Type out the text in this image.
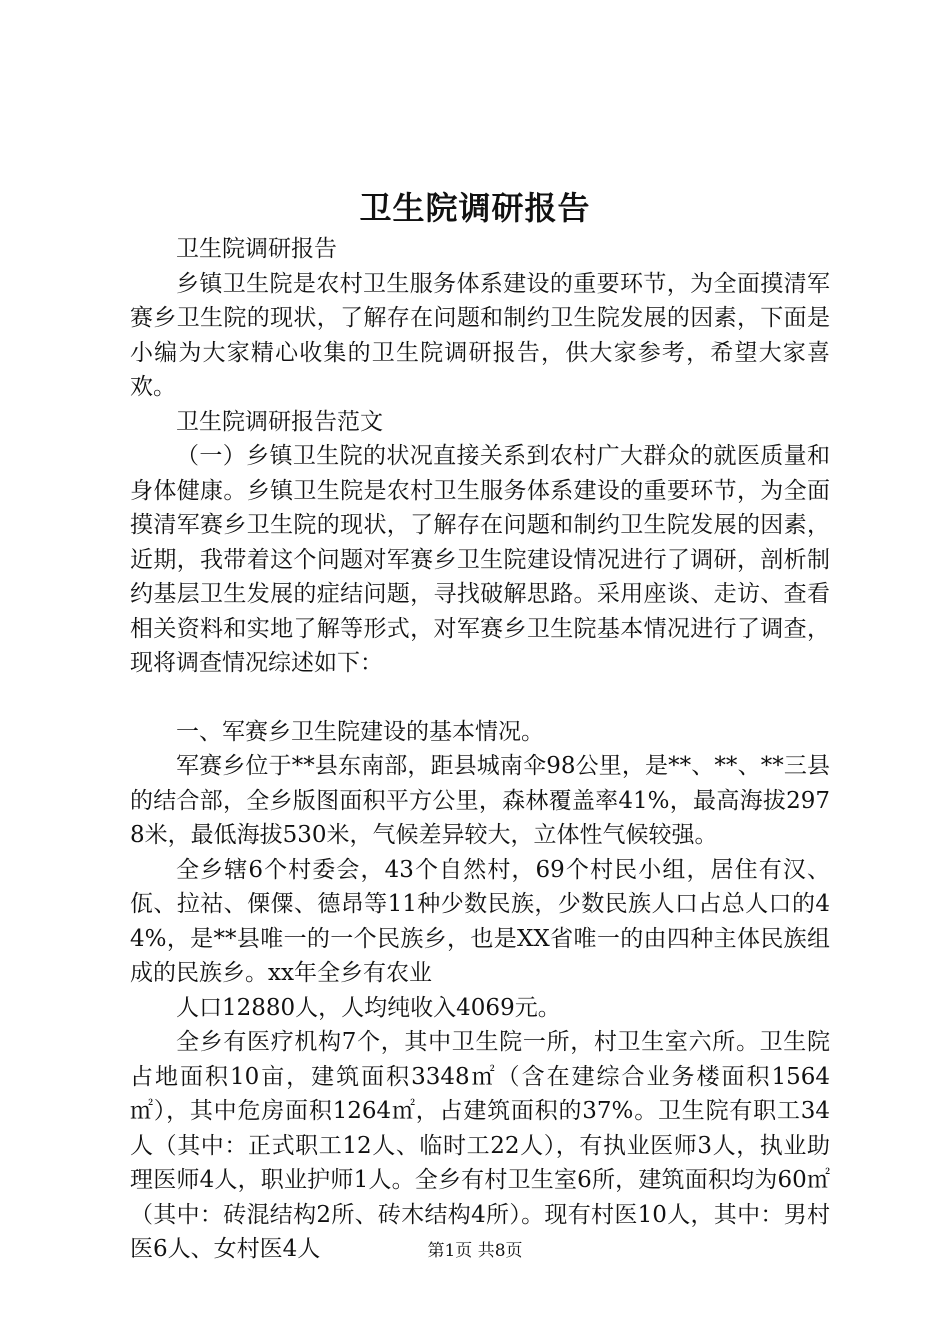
卫生院调研报告

卫生院调研报告

乡镇卫生院是农村卫生服务体系建设的重要环节，为全面摸清军赛乡卫生院的现状，了解存在问题和制约卫生院发展的因素，下面是小编为大家精心收集的卫生院调研报告，供大家参考，希望大家喜欢。

卫生院调研报告范文

（一）乡镇卫生院的状况直接关系到农村广大群众的就医质量和身体健康。乡镇卫生院是农村卫生服务体系建设的重要环节，为全面摸清军赛乡卫生院的现状，了解存在问题和制约卫生院发展的因素，近期，我带着这个问题对军赛乡卫生院建设情况进行了调研，剖析制约基层卫生发展的症结问题，寻找破解思路。采用座谈、走访、查看相关资料和实地了解等形式，对军赛乡卫生院基本情况进行了调查，现将调查情况综述如下：

一、军赛乡卫生院建设的基本情况。

军赛乡位于**县东南部，距县城南伞98公里，是**、**、**三县的结合部，全乡版图面积平方公里，森林覆盖率41%，最高海拔2978米，最低海拔530米，气候差异较大，立体性气候较强。

全乡辖6个村委会，43个自然村，69个村民小组，居住有汉、佤、拉祜、傈僳、德昂等11种少数民族，少数民族人口占总人口的44%，是**县唯一的一个民族乡，也是XX省唯一的由四种主体民族组成的民族乡。xx年全乡有农业

人口12880人，人均纯收入4069元。

全乡有医疗机构7个，其中卫生院一所，村卫生室六所。卫生院占地面积10亩，建筑面积3348㎡（含在建综合业务楼面积1564㎡），其中危房面积1264㎡，占建筑面积的37%。卫生院有职工34人（其中：正式职工12人、临时工22人），有执业医师3人，执业助理医师4人，职业护师1人。全乡有村卫生室6所，建筑面积均为60㎡（其中：砖混结构2所、砖木结构4所）。现有村医10人，其中：男村医6人、女村医4人	第1页 共8页
